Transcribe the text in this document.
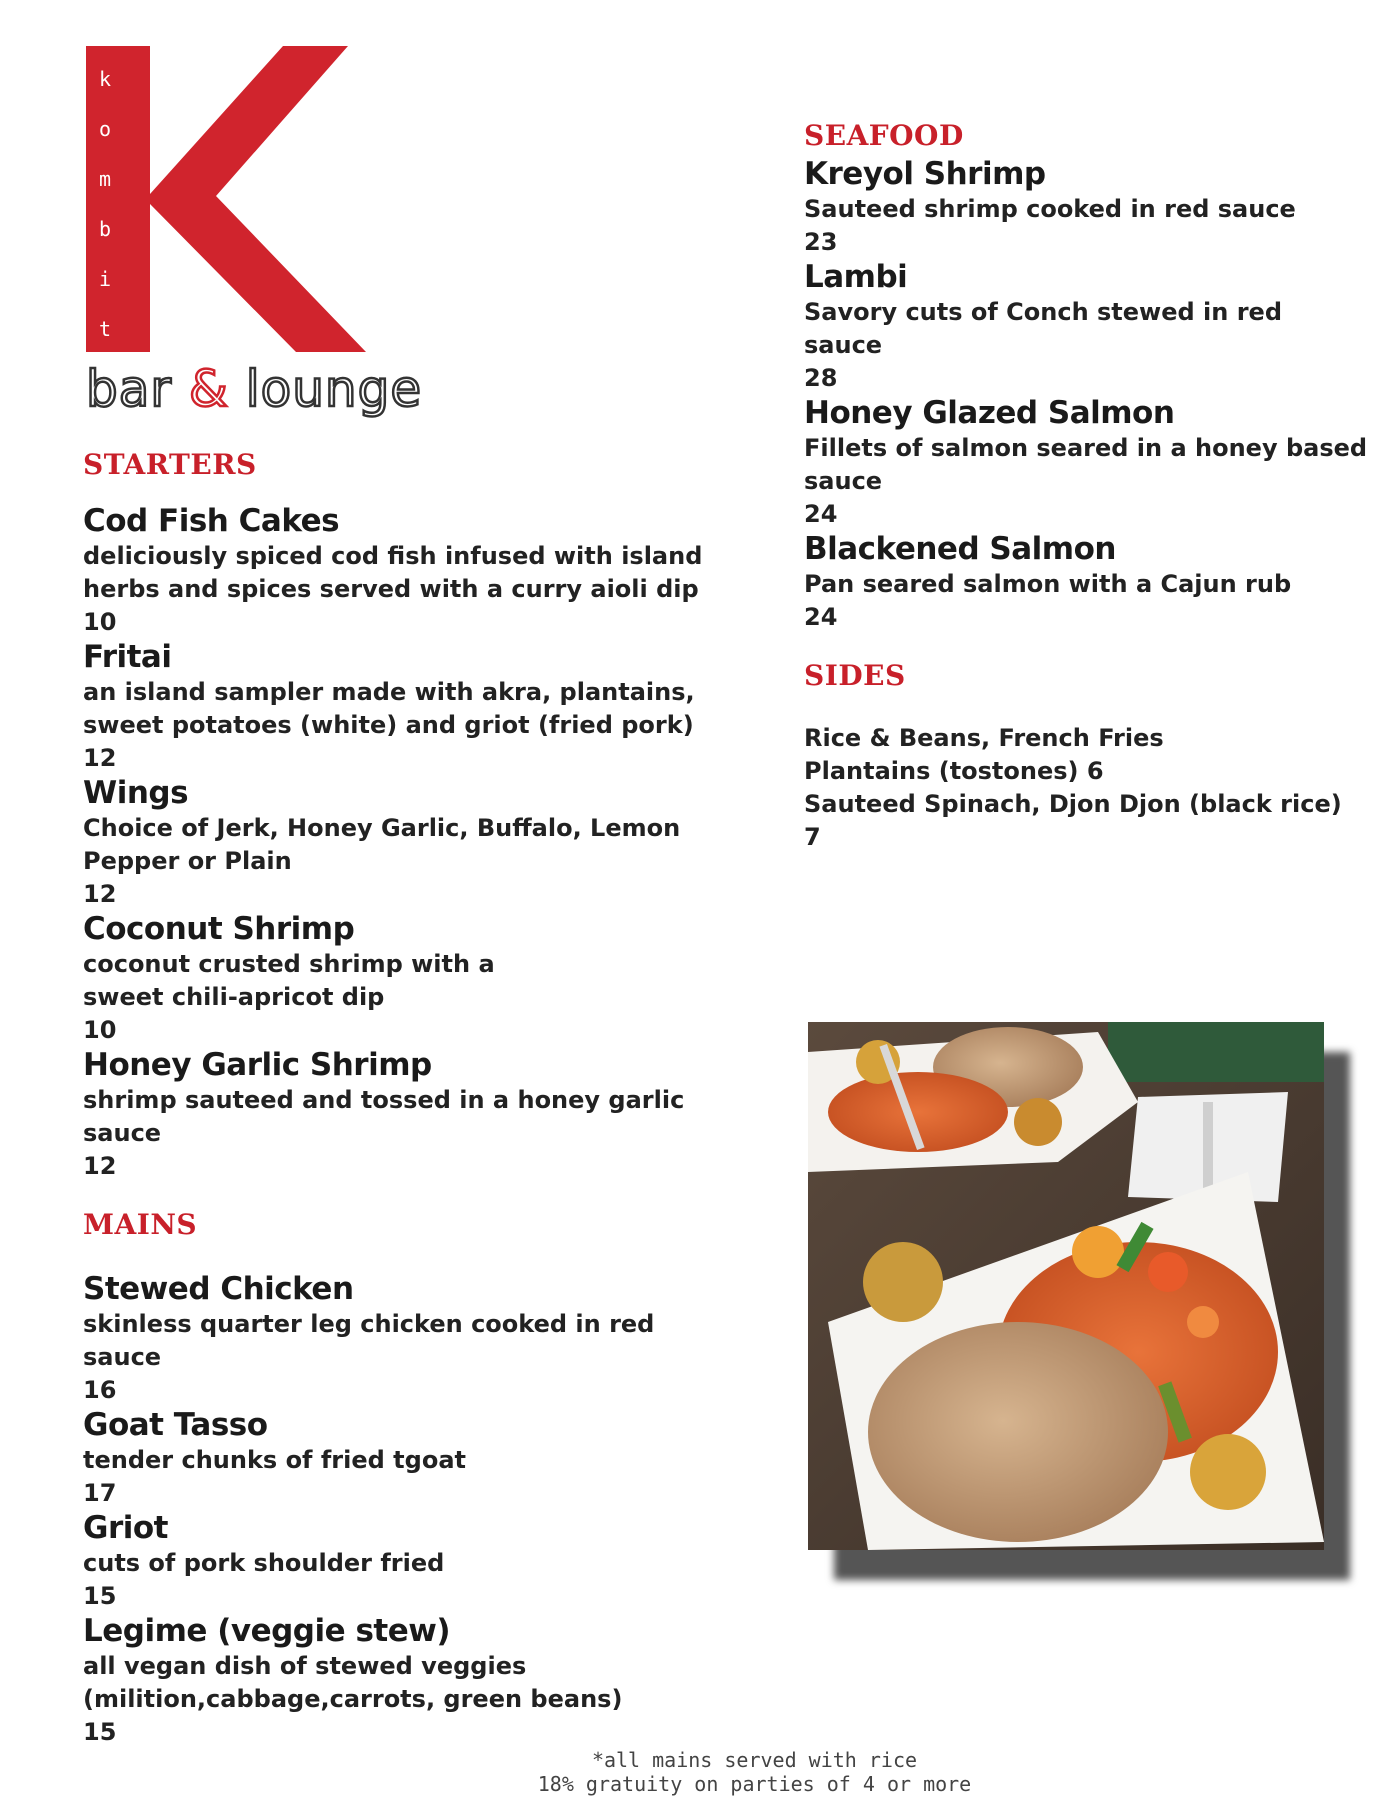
k
o
m
b
i
t
bar & lounge
STARTERS
Cod Fish Cakes
deliciously spiced cod fish infused with island
herbs and spices served with a curry aioli dip
10
Fritai
an island sampler made with akra, plantains,
sweet potatoes (white) and griot (fried pork)
12
Wings
Choice of Jerk, Honey Garlic, Buffalo, Lemon
Pepper or Plain
12
Coconut Shrimp
coconut crusted shrimp with a
sweet chili-apricot dip
10
Honey Garlic Shrimp
shrimp sauteed and tossed in a honey garlic
sauce
12
MAINS
Stewed Chicken
skinless quarter leg chicken cooked in red
sauce
16
Goat Tasso
tender chunks of fried tgoat
17
Griot
cuts of pork shoulder fried
15
Legime (veggie stew)
all vegan dish of stewed veggies
(milition,cabbage,carrots, green beans)
15
SEAFOOD
Kreyol Shrimp
Sauteed shrimp cooked in red sauce
23
Lambi
Savory cuts of Conch stewed in red
sauce
28
Honey Glazed Salmon
Fillets of salmon seared in a honey based
sauce
24
Blackened Salmon
Pan seared salmon with a Cajun rub
24
SIDES
Rice & Beans, French Fries
Plantains (tostones) 6
Sauteed Spinach, Djon Djon (black rice)
7
*all mains served with rice
18% gratuity on parties of 4 or more
